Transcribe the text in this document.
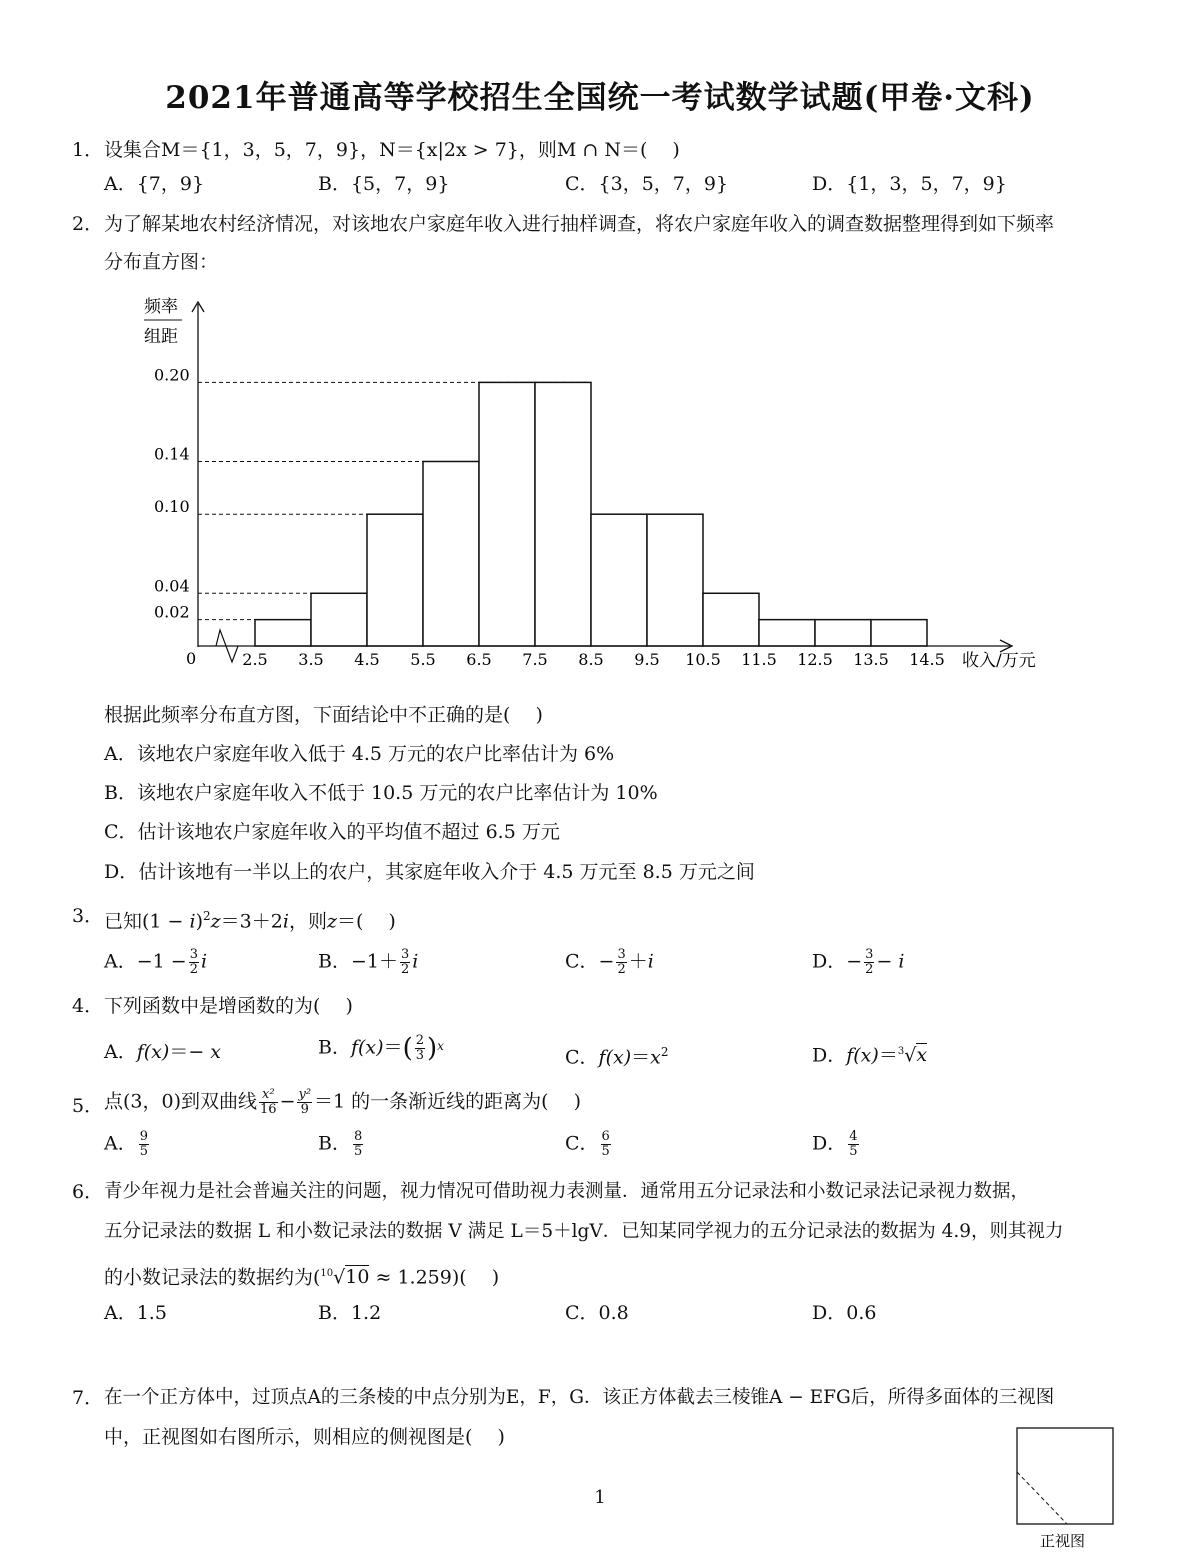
2021年普通高等学校招生全国统一考试数学试题(甲卷·文科)
1． 设集合M＝{1，3，5，7，9}，N＝{x|2x > 7}，则M ∩ N＝(　 )
A．{7，9}	B．{5，7，9}	C．{3，5，7，9}	D．{1，3，5，7，9}
2． 为了解某地农村经济情况，对该地农户家庭年收入进行抽样调查，将农户家庭年收入的调查数据整理得到如下频率
分布直方图：
0.02
0.04
0.10
0.14
0.20
2.5 3.5 4.5 5.5 6.5 7.5 8.5 9.5 10.5 11.5 12.5 13.5 14.5
频率
组距
0	收入/万元
根据此频率分布直方图，下面结论中不正确的是(　 )
A．该地农户家庭年收入低于 4.5 万元的农户比率估计为 6%
B．该地农户家庭年收入不低于 10.5 万元的农户比率估计为 10%
C．估计该地农户家庭年收入的平均值不超过 6.5 万元
D．估计该地有一半以上的农户，其家庭年收入介于 4.5 万元至 8.5 万元之间
3． 已知$(1 - i)^2z=3+2i$，则z＝(　 )
A．$-1 - \frac{3}{2}$ i	B．$-1+ \frac{3}{2}$ i	C．− $\frac{3}{2} +i$	D．− $\frac{3}{2} - i$
4． 下列函数中是增函数的为(　 )
A．f(x)＝− x	B．$f(x)=( \frac{2}{3} )^x$
C．$f(x)=x^2$	D．f(x)＝$^3$√x
5． 点(3，0)到双曲线 $\frac{\text{x²}}{16} - \frac{\text{y²}}{9} =1$ 的一条渐近线的距离为(　 )
A． $\frac{9}{5}$	B． $\frac{8}{5}$	C． $\frac{6}{5}$	D． $\frac{4}{5}$
6． 青少年视力是社会普遍关注的问题，视力情况可借助视力表测量．通常用五分记录法和小数记录法记录视力数据，
五分记录法的数据 L 和小数记录法的数据 V 满足 L＝5＋lgV．已知某同学视力的五分记录法的数据为 4.9，则其视力
的小数记录法的数据约为($^{10}$√10 ≈ 1.259)(　 )
A．1.5	B．1.2	C．0.8	D．0.6
7． 在一个正方体中，过顶点A的三条棱的中点分别为E，F，G．该正方体截去三棱锥A − EFG后，所得多面体的三视图
中，正视图如右图所示，则相应的侧视图是(　 )
正视图
1
